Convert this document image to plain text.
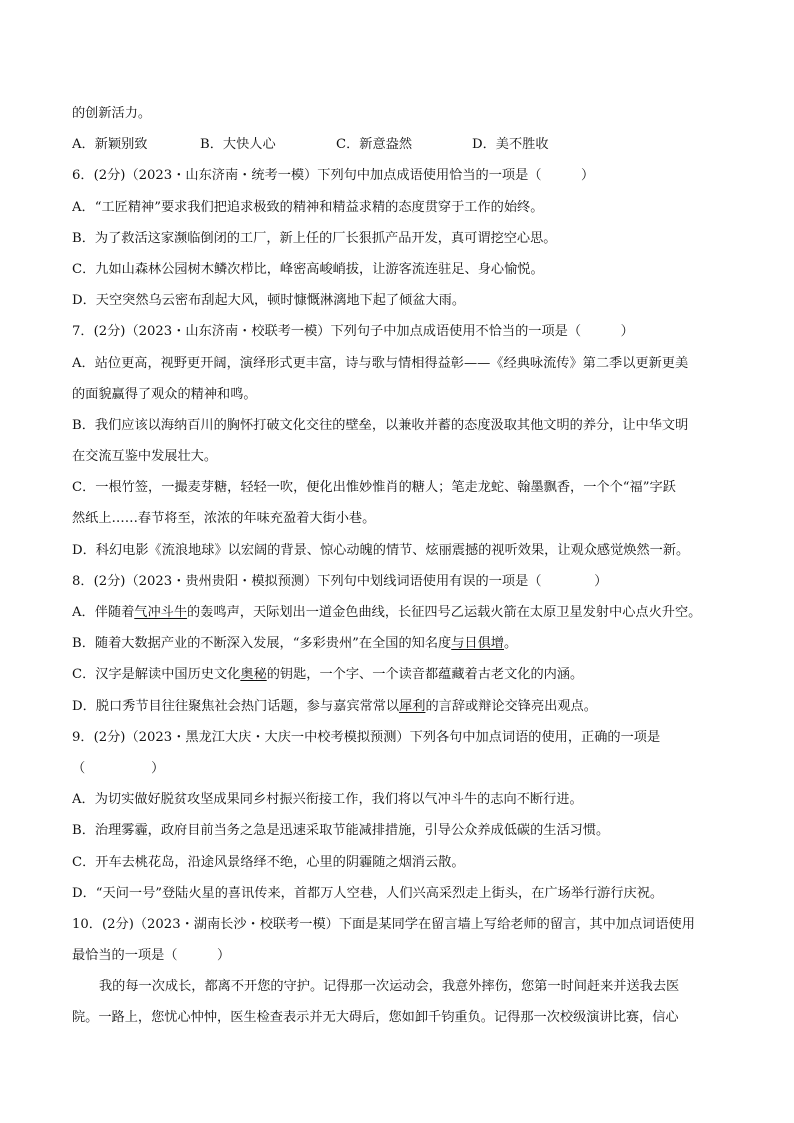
的创新活力。
A．新颖别致	B．大快人心	C．新意盎然	D．美不胜收
6．(2分)（2023・山东济南・统考一模）下列句中加点成语使用恰当的一项是（　　　）
A．“工匠精神”要求我们把追求极致的精神和精益求精的态度贯穿于工作的始终。
B．为了救活这家濒临倒闭的工厂，新上任的厂长狠抓产品开发，真可谓挖空心思。
C．九如山森林公园树木鳞次栉比，峰密高峻峭拔，让游客流连驻足、身心愉悦。
D．天空突然乌云密布刮起大风，顿时慷慨淋漓地下起了倾盆大雨。
7．(2分)（2023・山东济南・校联考一模）下列句子中加点成语使用不恰当的一项是（　　　）
A．站位更高，视野更开阔，演绎形式更丰富，诗与歌与情相得益彰——《经典咏流传》第二季以更新更美
的面貌赢得了观众的精神和鸣。
B．我们应该以海纳百川的胸怀打破文化交往的壁垒，以兼收并蓄的态度汲取其他文明的养分，让中华文明
在交流互鉴中发展壮大。
C．一根竹签，一撮麦芽糖，轻轻一吹，便化出惟妙惟肖的糖人；笔走龙蛇、翰墨飘香，一个个“福”字跃
然纸上……春节将至，浓浓的年味充盈着大街小巷。
D．科幻电影《流浪地球》以宏阔的背景、惊心动魄的情节、炫丽震撼的视听效果，让观众感觉焕然一新。
8．(2分)（2023・贵州贵阳・模拟预测）下列句中划线词语使用有误的一项是（　　　　）
A．伴随着气冲斗牛的轰鸣声，天际划出一道金色曲线，长征四号乙运载火箭在太原卫星发射中心点火升空。
B．随着大数据产业的不断深入发展，“多彩贵州”在全国的知名度与日俱增。
C．汉字是解读中国历史文化奥秘的钥匙，一个字、一个读音都蕴藏着古老文化的内涵。
D．脱口秀节目往往聚焦社会热门话题，参与嘉宾常常以犀利的言辞或辩论交锋亮出观点。
9．(2分)（2023・黑龙江大庆・大庆一中校考模拟预测）下列各句中加点词语的使用，正确的一项是
（　　　　　）
A．为切实做好脱贫攻坚成果同乡村振兴衔接工作，我们将以气冲斗牛的志向不断行进。
B．治理雾霾，政府目前当务之急是迅速采取节能减排措施，引导公众养成低碳的生活习惯。
C．开车去桃花岛，沿途风景络绎不绝，心里的阴霾随之烟消云散。
D．“天问一号”登陆火星的喜讯传来，首都万人空巷，人们兴高采烈走上街头，在广场举行游行庆祝。
10．(2分)（2023・湖南长沙・校联考一模）下面是某同学在留言墙上写给老师的留言，其中加点词语使用
最恰当的一项是（　　　）
我的每一次成长，都离不开您的守护。记得那一次运动会，我意外摔伤，您第一时间赶来并送我去医
院。一路上，您忧心忡忡，医生检查表示并无大碍后，您如卸千钧重负。记得那一次校级演讲比赛，信心
